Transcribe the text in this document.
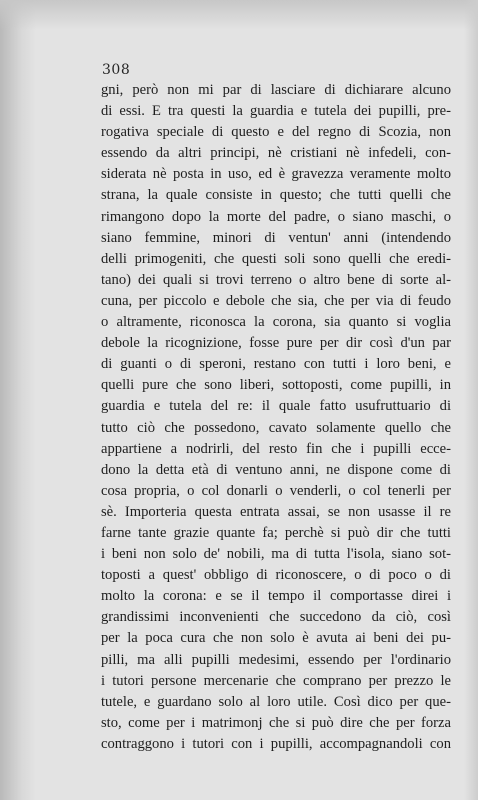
308
gni, però non mi par di lasciare di dichiarare alcuno
di essi. E tra questi la guardia e tutela dei pupilli, pre-
rogativa speciale di questo e del regno di Scozia, non
essendo da altri principi, nè cristiani nè infedeli, con-
siderata nè posta in uso, ed è gravezza veramente molto
strana, la quale consiste in questo; che tutti quelli che
rimangono dopo la morte del padre, o siano maschi, o
siano femmine, minori di ventun' anni (intendendo
delli primogeniti, che questi soli sono quelli che eredi-
tano) dei quali si trovi terreno o altro bene di sorte al-
cuna, per piccolo e debole che sia, che per via di feudo
o altramente, riconosca la corona, sia quanto si voglia
debole la ricognizione, fosse pure per dir così d'un par
di guanti o di speroni, restano con tutti i loro beni, e
quelli pure che sono liberi, sottoposti, come pupilli, in
guardia e tutela del re: il quale fatto usufruttuario di
tutto ciò che possedono, cavato solamente quello che
appartiene a nodrirli, del resto fin che i pupilli ecce-
dono la detta età di ventuno anni, ne dispone come di
cosa propria, o col donarli o venderli, o col tenerli per
sè. Importeria questa entrata assai, se non usasse il re
farne tante grazie quante fa; perchè si può dir che tutti
i beni non solo de' nobili, ma di tutta l'isola, siano sot-
toposti a quest' obbligo di riconoscere, o di poco o di
molto la corona: e se il tempo il comportasse direi i
grandissimi inconvenienti che succedono da ciò, così
per la poca cura che non solo è avuta ai beni dei pu-
pilli, ma alli pupilli medesimi, essendo per l'ordinario
i tutori persone mercenarie che comprano per prezzo le
tutele, e guardano solo al loro utile. Così dico per que-
sto, come per i matrimonj che si può dire che per forza
contraggono i tutori con i pupilli, accompagnandoli con
